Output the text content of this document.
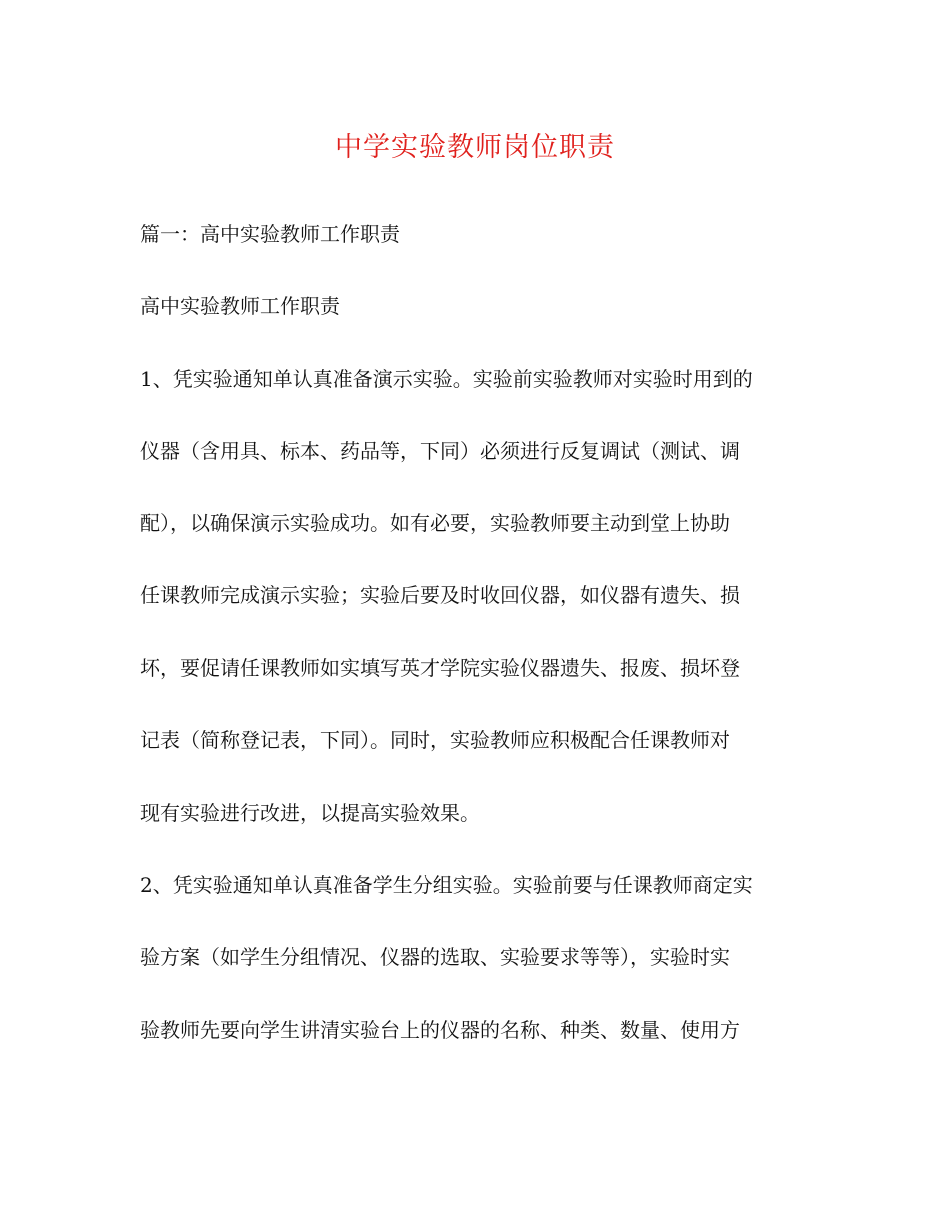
中学实验教师岗位职责
篇一：高中实验教师工作职责
高中实验教师工作职责
1、凭实验通知单认真准备演示实验。实验前实验教师对实验时用到的
仪器（含用具、标本、药品等，下同）必须进行反复调试（测试、调
配），以确保演示实验成功。如有必要，实验教师要主动到堂上协助
任课教师完成演示实验；实验后要及时收回仪器，如仪器有遗失、损
坏，要促请任课教师如实填写英才学院实验仪器遗失、报废、损坏登
记表（简称登记表，下同）。同时，实验教师应积极配合任课教师对
现有实验进行改进，以提高实验效果。
2、凭实验通知单认真准备学生分组实验。实验前要与任课教师商定实
验方案（如学生分组情况、仪器的选取、实验要求等等），实验时实
验教师先要向学生讲清实验台上的仪器的名称、种类、数量、使用方
